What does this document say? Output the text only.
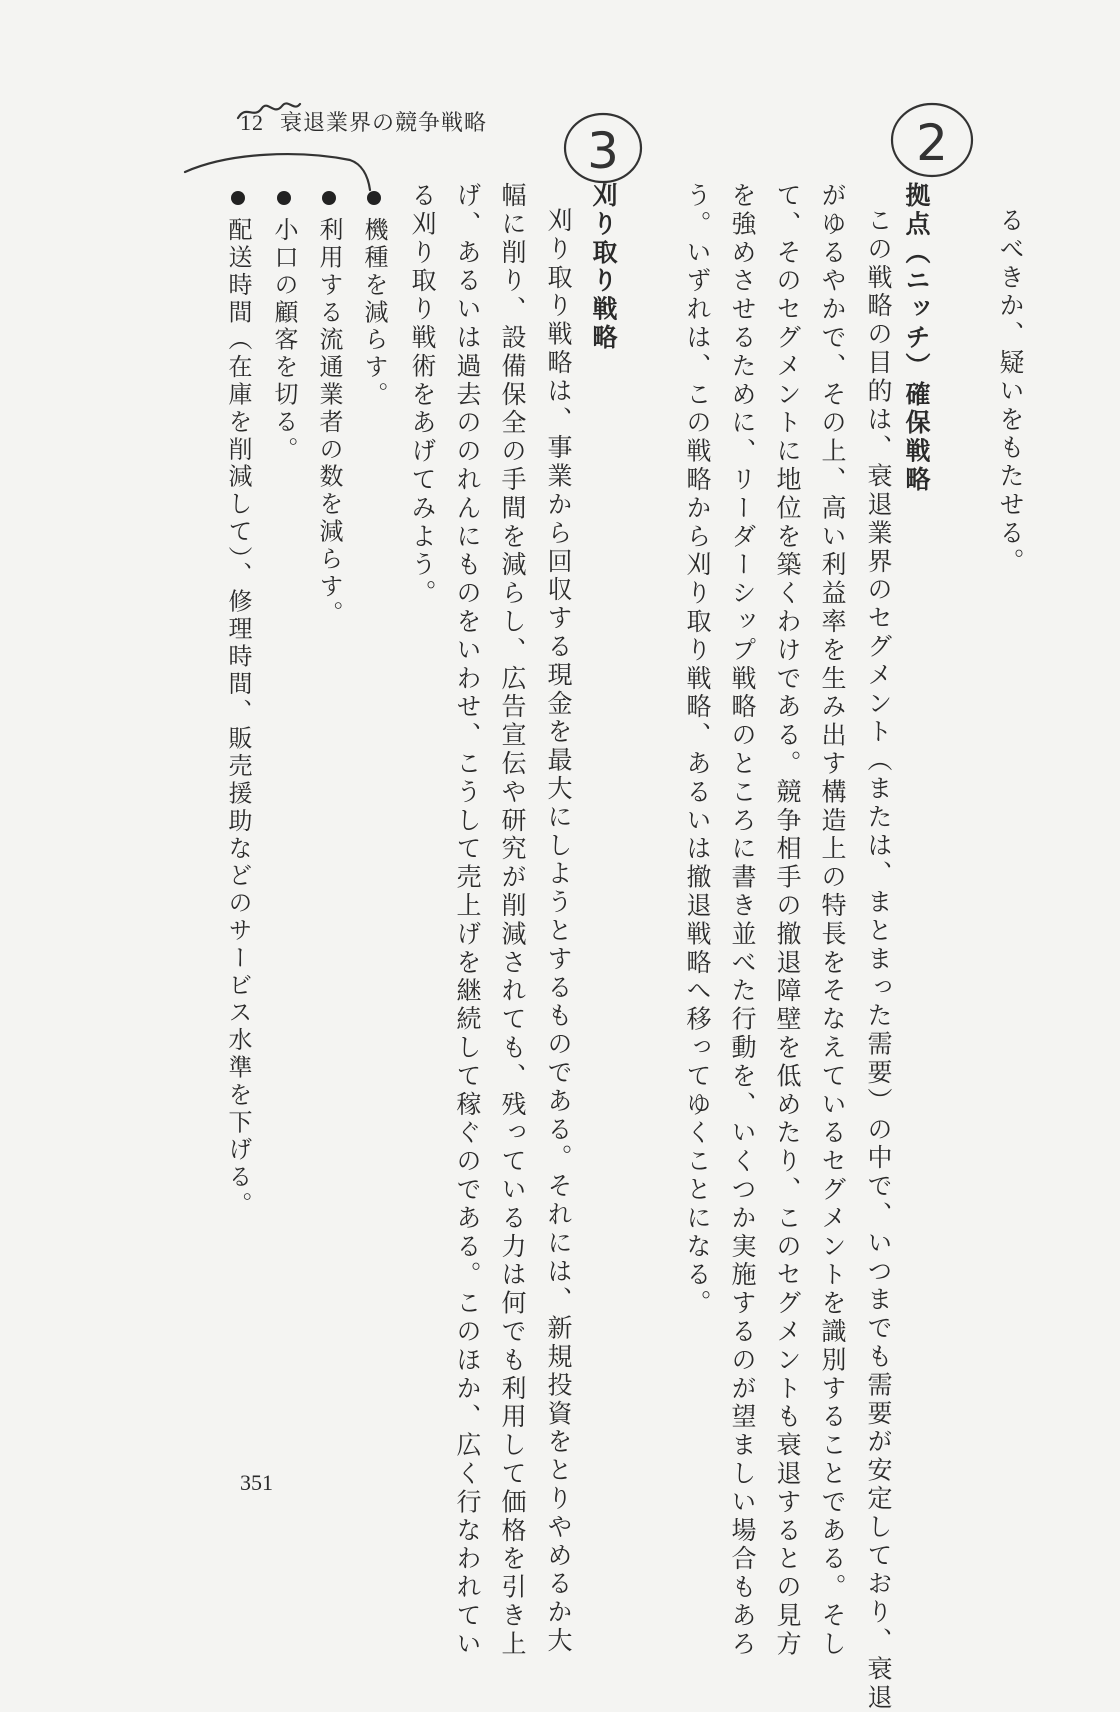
12 衰退業界の競争戦略
るべきか、疑いをもたせる。
拠点（ニッチ）確保戦略
この戦略の目的は、衰退業界のセグメント（または、まとまった需要）の中で、いつまでも需要が安定しており、衰退
がゆるやかで、その上、高い利益率を生み出す構造上の特長をそなえているセグメントを識別することである。そし
て、そのセグメントに地位を築くわけである。競争相手の撤退障壁を低めたり、このセグメントも衰退するとの見方
を強めさせるために、リーダーシップ戦略のところに書き並べた行動を、いくつか実施するのが望ましい場合もあろ
う。いずれは、この戦略から刈り取り戦略、あるいは撤退戦略へ移ってゆくことになる。
刈り取り戦略
刈り取り戦略は、事業から回収する現金を最大にしようとするものである。それには、新規投資をとりやめるか大
幅に削り、設備保全の手間を減らし、広告宣伝や研究が削減されても、残っている力は何でも利用して価格を引き上
げ、あるいは過去ののれんにものをいわせ、こうして売上げを継続して稼ぐのである。このほか、広く行なわれてい
る刈り取り戦術をあげてみよう。
機種を減らす。
利用する流通業者の数を減らす。
小口の顧客を切る。
配送時間（在庫を削減して）、修理時間、販売援助などのサービス水準を下げる。
351
2
3
